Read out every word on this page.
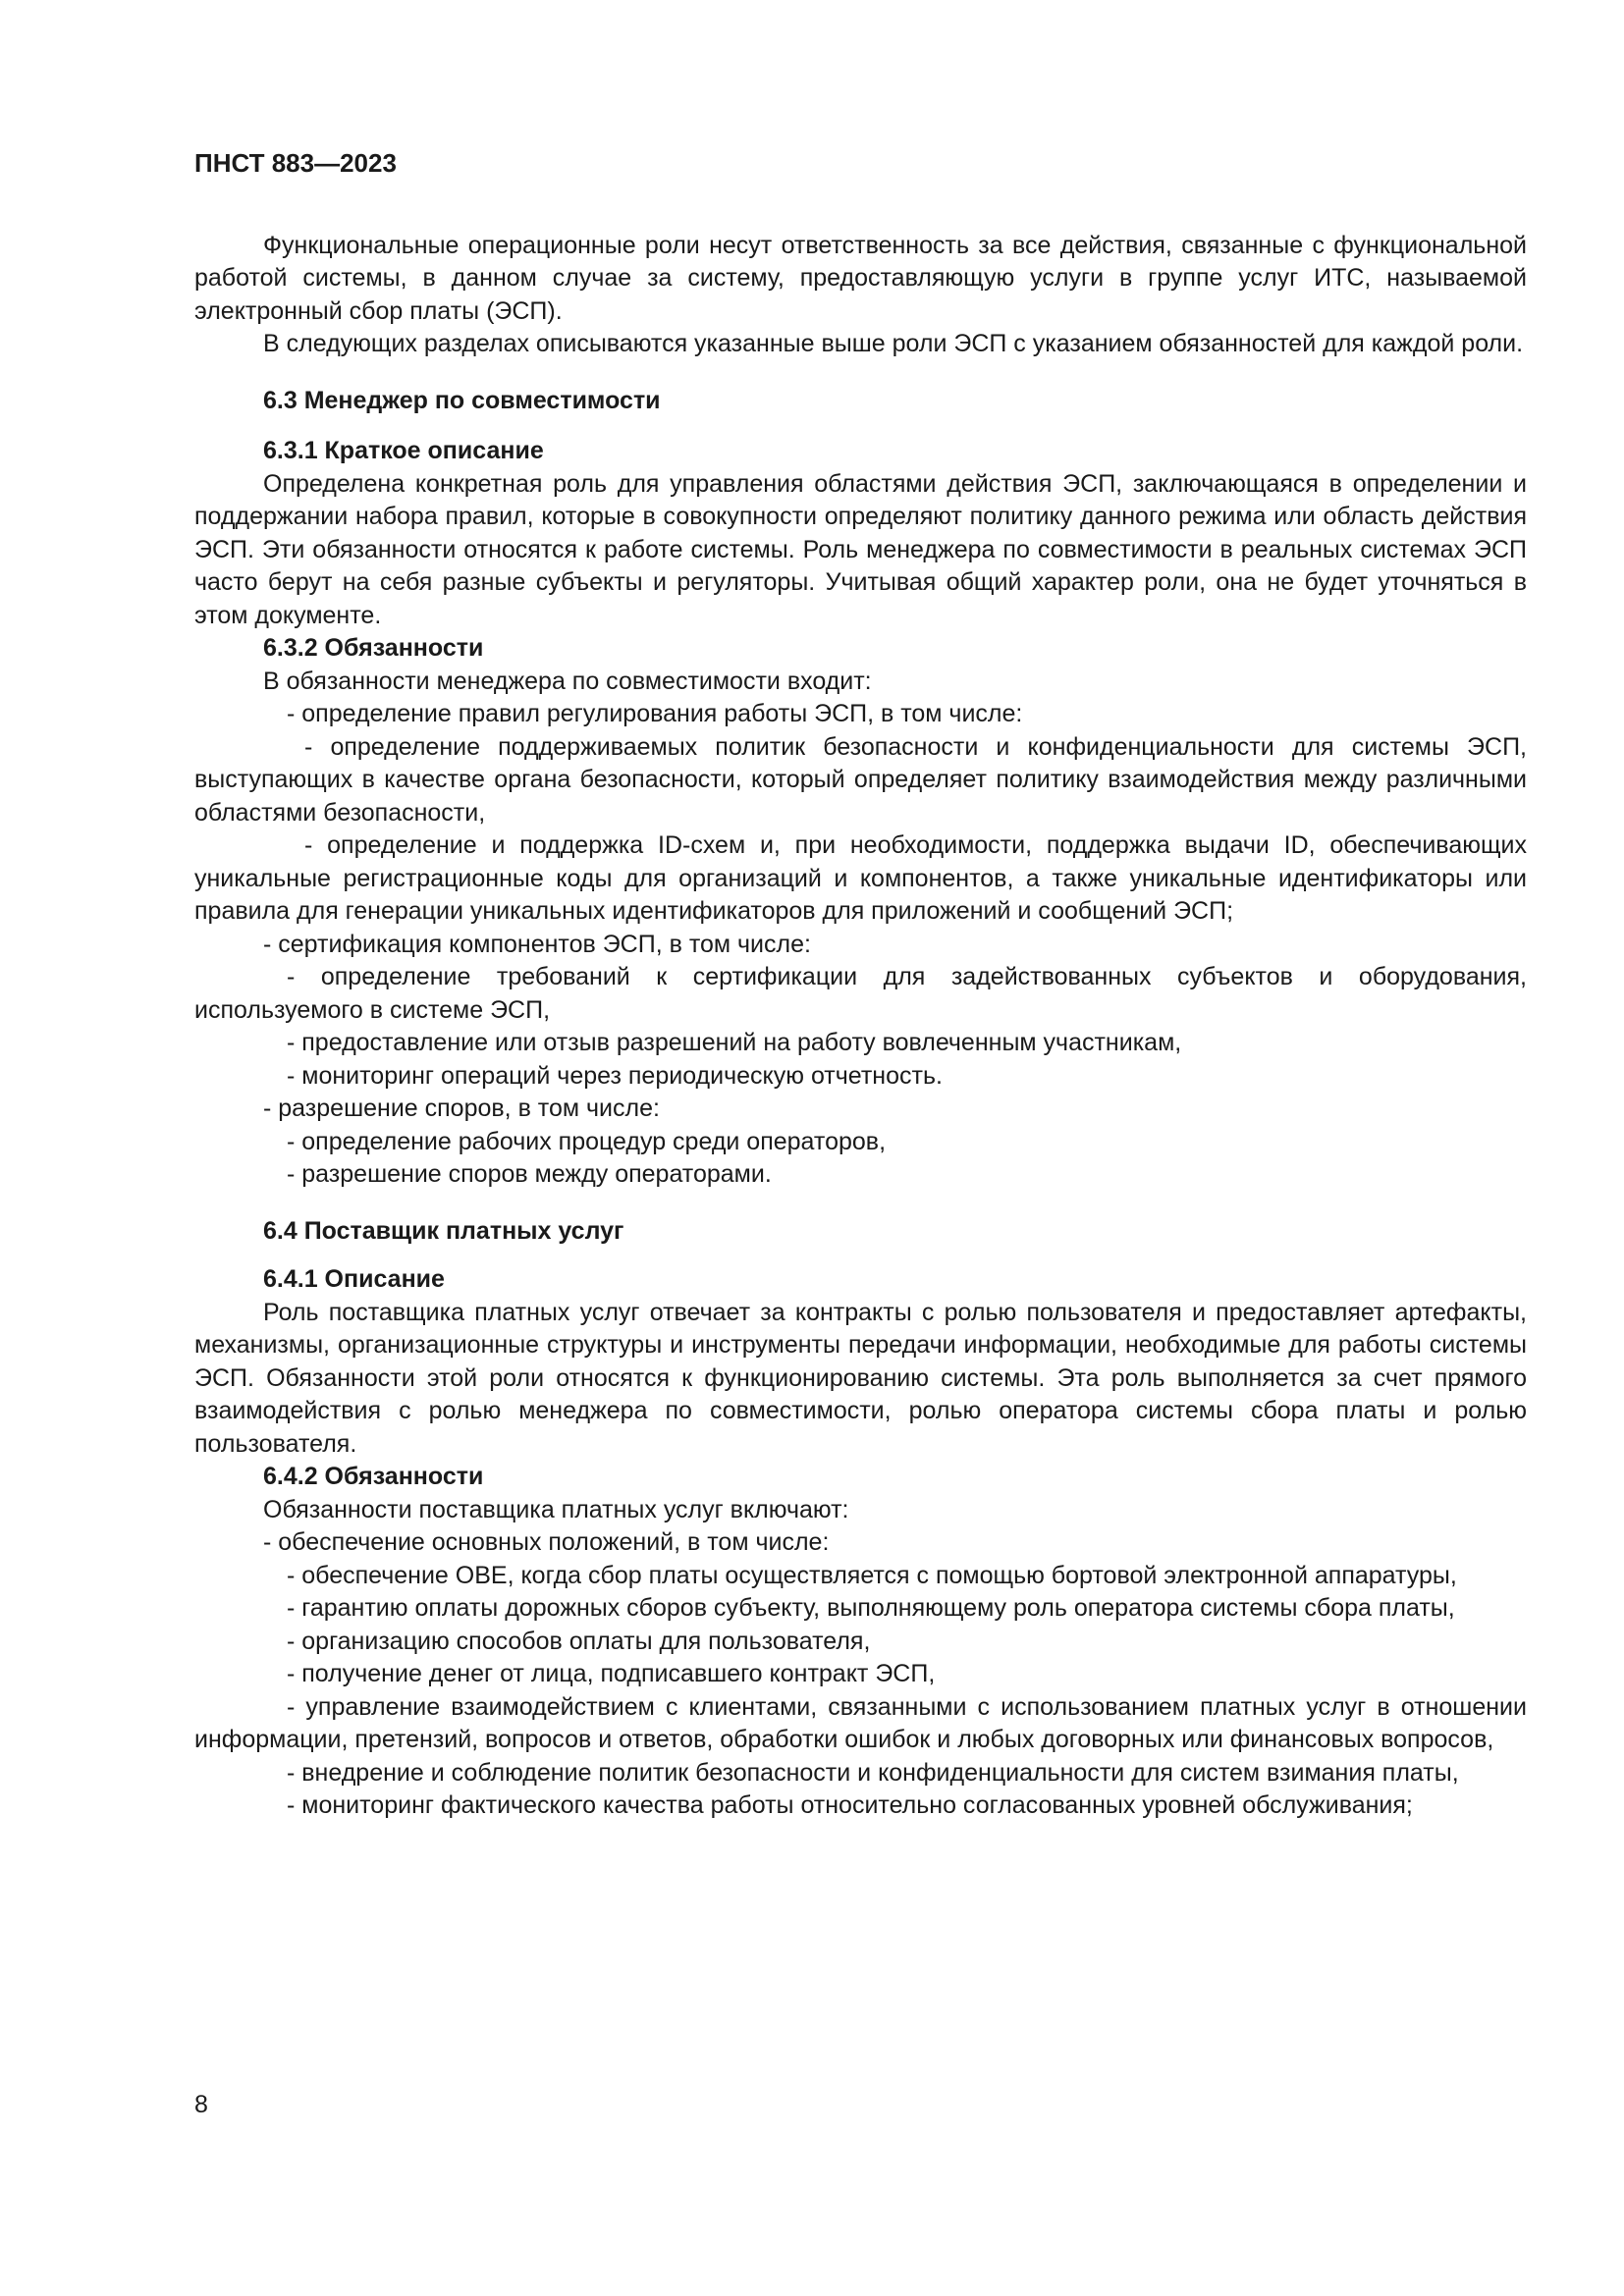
ПНСТ 883—2023

Функциональные операционные роли несут ответственность за все действия, связанные с функциональной работой системы, в данном случае за систему, предоставляющую услуги в группе услуг ИТС, называемой электронный сбор платы (ЭСП).

В следующих разделах описываются указанные выше роли ЭСП с указанием обязанностей для каждой роли.

6.3 Менеджер по совместимости

6.3.1 Краткое описание

Определена конкретная роль для управления областями действия ЭСП, заключающаяся в определении и поддержании набора правил, которые в совокупности определяют политику данного режима или область действия ЭСП. Эти обязанности относятся к работе системы. Роль менеджера по совместимости в реальных системах ЭСП часто берут на себя разные субъекты и регуляторы. Учитывая общий характер роли, она не будет уточняться в этом документе.

6.3.2 Обязанности

В обязанности менеджера по совместимости входит:

- определение правил регулирования работы ЭСП, в том числе:

- определение поддерживаемых политик безопасности и конфиденциальности для системы ЭСП, выступающих в качестве органа безопасности, который определяет политику взаимодействия между различными областями безопасности,

- определение и поддержка ID-схем и, при необходимости, поддержка выдачи ID, обеспечивающих уникальные регистрационные коды для организаций и компонентов, а также уникальные идентификаторы или правила для генерации уникальных идентификаторов для приложений и сообщений ЭСП;

- сертификация компонентов ЭСП, в том числе:

- определение требований к сертификации для задействованных субъектов и оборудования, используемого в системе ЭСП,

- предоставление или отзыв разрешений на работу вовлеченным участникам,

- мониторинг операций через периодическую отчетность.

- разрешение споров, в том числе:

- определение рабочих процедур среди операторов,

- разрешение споров между операторами.

6.4 Поставщик платных услуг

6.4.1 Описание

Роль поставщика платных услуг отвечает за контракты с ролью пользователя и предоставляет артефакты, механизмы, организационные структуры и инструменты передачи информации, необходимые для работы системы ЭСП. Обязанности этой роли относятся к функционированию системы. Эта роль выполняется за счет прямого взаимодействия с ролью менеджера по совместимости, ролью оператора системы сбора платы и ролью пользователя.

6.4.2 Обязанности

Обязанности поставщика платных услуг включают:

- обеспечение основных положений, в том числе:

- обеспечение OBE, когда сбор платы осуществляется с помощью бортовой электронной аппаратуры,

- гарантию оплаты дорожных сборов субъекту, выполняющему роль оператора системы сбора платы,

- организацию способов оплаты для пользователя,

- получение денег от лица, подписавшего контракт ЭСП,

- управление взаимодействием с клиентами, связанными с использованием платных услуг в отношении информации, претензий, вопросов и ответов, обработки ошибок и любых договорных или финансовых вопросов,

- внедрение и соблюдение политик безопасности и конфиденциальности для систем взимания платы,

- мониторинг фактического качества работы относительно согласованных уровней обслуживания;

8
